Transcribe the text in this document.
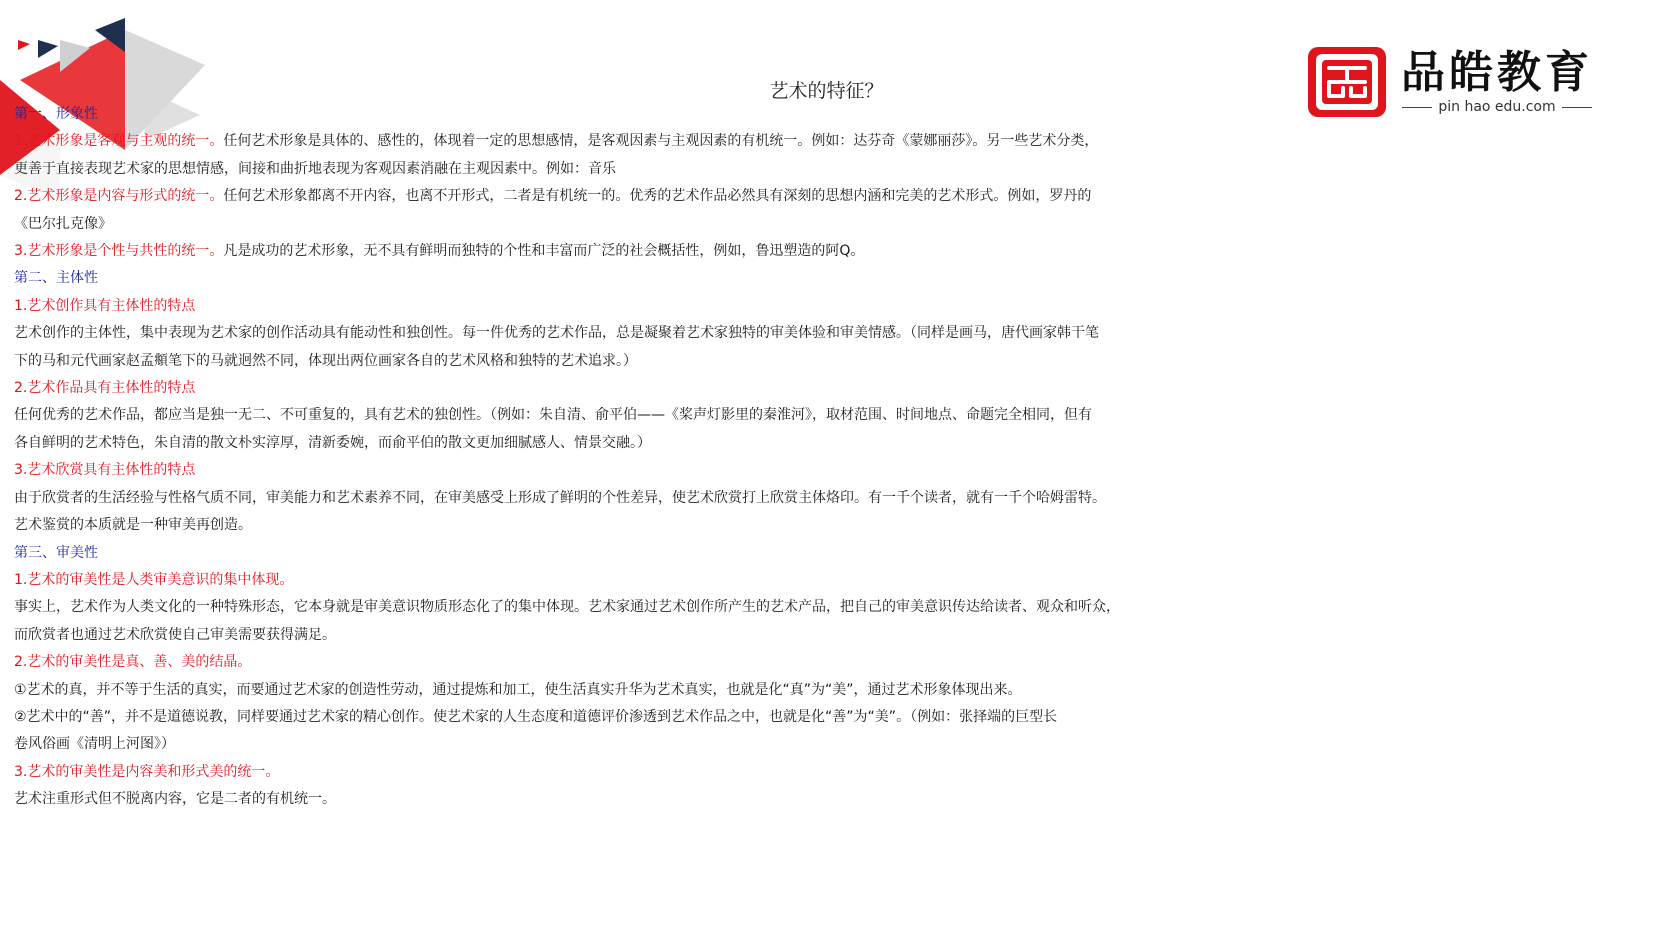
品皓教育
pin hao edu.com
艺术的特征？

第一、形象性

1.艺术形象是客观与主观的统一。任何艺术形象是具体的、感性的，体现着一定的思想感情，是客观因素与主观因素的有机统一。例如：达芬奇《蒙娜丽莎》。另一些艺术分类，

更善于直接表现艺术家的思想情感，间接和曲折地表现为客观因素消融在主观因素中。例如：音乐

2.艺术形象是内容与形式的统一。任何艺术形象都离不开内容，也离不开形式，二者是有机统一的。优秀的艺术作品必然具有深刻的思想内涵和完美的艺术形式。例如，罗丹的

《巴尔扎克像》

3.艺术形象是个性与共性的统一。凡是成功的艺术形象，无不具有鲜明而独特的个性和丰富而广泛的社会概括性，例如，鲁迅塑造的阿Q。

第二、主体性

1.艺术创作具有主体性的特点

艺术创作的主体性，集中表现为艺术家的创作活动具有能动性和独创性。每一件优秀的艺术作品，总是凝聚着艺术家独特的审美体验和审美情感。（同样是画马，唐代画家韩干笔

下的马和元代画家赵孟頫笔下的马就迥然不同，体现出两位画家各自的艺术风格和独特的艺术追求。）

2.艺术作品具有主体性的特点

任何优秀的艺术作品，都应当是独一无二、不可重复的，具有艺术的独创性。（例如：朱自清、俞平伯——《桨声灯影里的秦淮河》，取材范围、时间地点、命题完全相同，但有

各自鲜明的艺术特色，朱自清的散文朴实淳厚，清新委婉，而俞平伯的散文更加细腻感人、情景交融。）

3.艺术欣赏具有主体性的特点

由于欣赏者的生活经验与性格气质不同，审美能力和艺术素养不同，在审美感受上形成了鲜明的个性差异，使艺术欣赏打上欣赏主体烙印。有一千个读者，就有一千个哈姆雷特。

艺术鉴赏的本质就是一种审美再创造。

第三、审美性

1.艺术的审美性是人类审美意识的集中体现。

事实上，艺术作为人类文化的一种特殊形态，它本身就是审美意识物质形态化了的集中体现。艺术家通过艺术创作所产生的艺术产品，把自己的审美意识传达给读者、观众和听众，

而欣赏者也通过艺术欣赏使自己审美需要获得满足。

2.艺术的审美性是真、善、美的结晶。

①艺术的真，并不等于生活的真实，而要通过艺术家的创造性劳动，通过提炼和加工，使生活真实升华为艺术真实，也就是化“真”为“美”，通过艺术形象体现出来。

②艺术中的“善”，并不是道德说教，同样要通过艺术家的精心创作。使艺术家的人生态度和道德评价渗透到艺术作品之中，也就是化“善”为“美”。（例如：张择端的巨型长

卷风俗画《清明上河图》）

3.艺术的审美性是内容美和形式美的统一。

艺术注重形式但不脱离内容，它是二者的有机统一。
